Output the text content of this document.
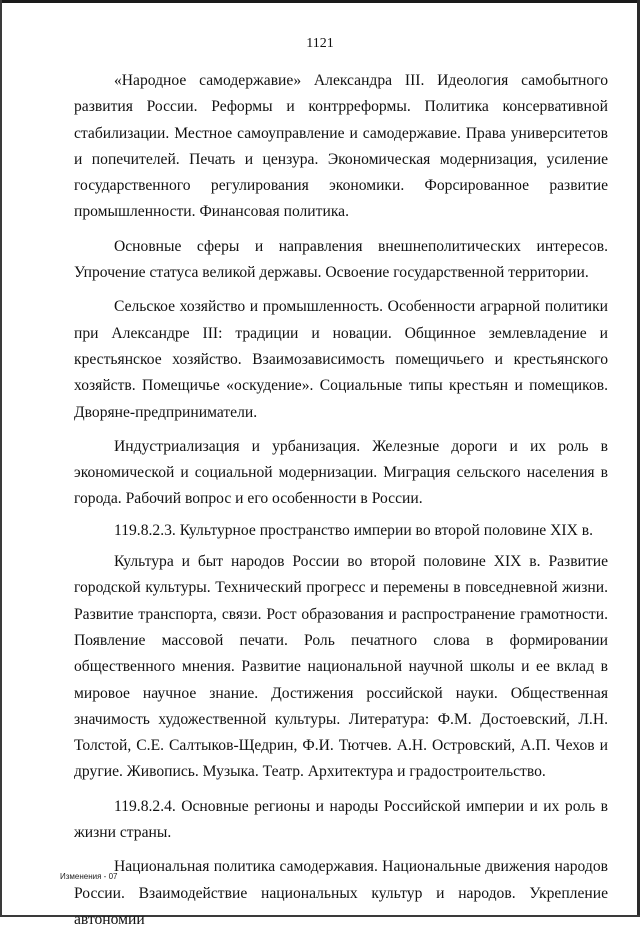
1121

«Народное самодержавие» Александра III. Идеология самобытного развития России. Реформы и контрреформы. Политика консервативной стабилизации. Местное самоуправление и самодержавие. Права университетов и попечителей. Печать и цензура. Экономическая модернизация, усиление государственного регулирования экономики. Форсированное развитие промышленности. Финансовая политика.

Основные сферы и направления внешнеполитических интересов. Упрочение статуса великой державы. Освоение государственной территории.

Сельское хозяйство и промышленность. Особенности аграрной политики при Александре III: традиции и новации. Общинное землевладение и крестьянское хозяйство. Взаимозависимость помещичьего и крестьянского хозяйств. Помещичье «оскудение». Социальные типы крестьян и помещиков. Дворяне-предприниматели.

Индустриализация и урбанизация. Железные дороги и их роль в экономической и социальной модернизации. Миграция сельского населения в города. Рабочий вопрос и его особенности в России.

119.8.2.3. Культурное пространство империи во второй половине XIX в.

Культура и быт народов России во второй половине XIX в. Развитие городской культуры. Технический прогресс и перемены в повседневной жизни. Развитие транспорта, связи. Рост образования и распространение грамотности. Появление массовой печати. Роль печатного слова в формировании общественного мнения. Развитие национальной научной школы и ее вклад в мировое научное знание. Достижения российской науки. Общественная значимость художественной культуры. Литература: Ф.М. Достоевский, Л.Н. Толстой, С.Е. Салтыков-Щедрин, Ф.И. Тютчев. А.Н. Островский, А.П. Чехов и другие. Живопись. Музыка. Театр. Архитектура и градостроительство.

119.8.2.4. Основные регионы и народы Российской империи и их роль в жизни страны.

Национальная политика самодержавия. Национальные движения народов России. Взаимодействие национальных культур и народов. Укрепление автономии

Изменения - 07
